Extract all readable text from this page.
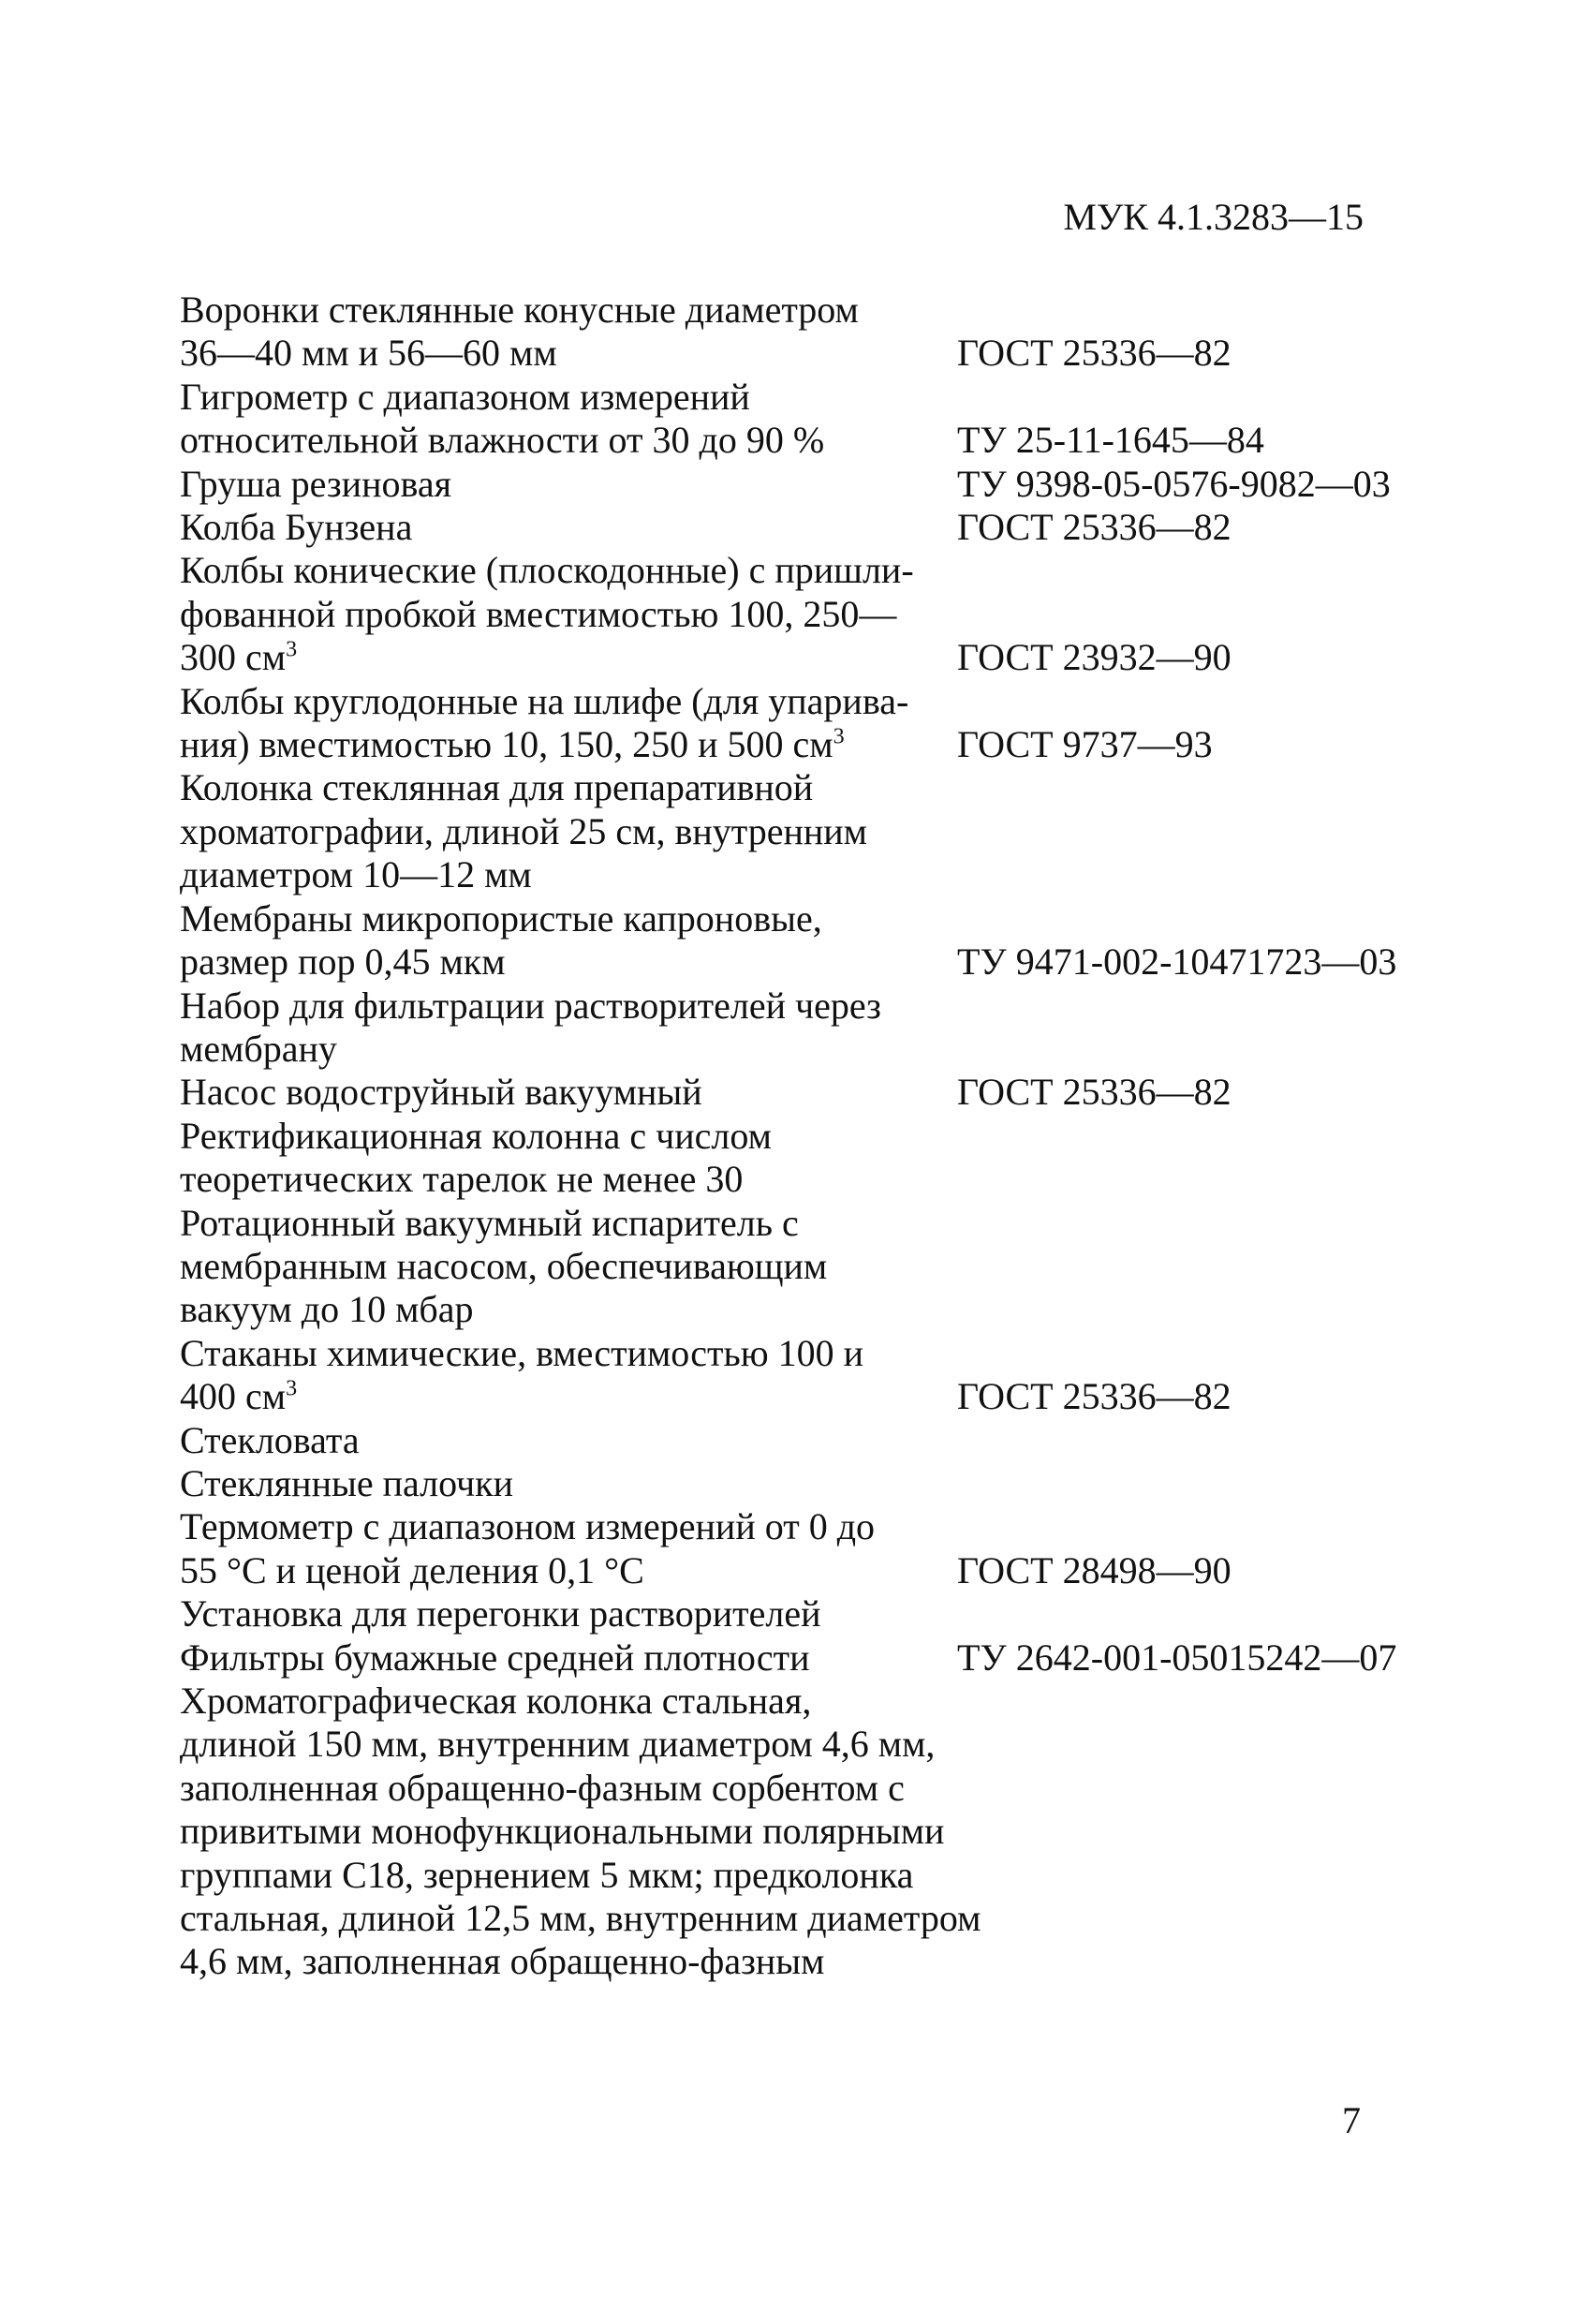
МУК 4.1.3283—15
Воронки стеклянные конусные диаметром
36—40 мм и 56—60 мм	ГОСТ 25336—82
Гигрометр с диапазоном измерений
относительной влажности от 30 до 90 %	ТУ 25-11-1645—84
Груша резиновая	ТУ 9398-05-0576-9082—03
Колба Бунзена	ГОСТ 25336—82
Колбы конические (плоскодонные) с пришли-
фованной пробкой вместимостью 100, 250—
300 $см^3$	ГОСТ 23932—90
Колбы круглодонные на шлифе (для упарива-
ния) вместимостью 10, 150, 250 и 500 $см^3$	ГОСТ 9737—93
Колонка стеклянная для препаративной
хроматографии, длиной 25 см, внутренним
диаметром 10—12 мм
Мембраны микропористые капроновые,
размер пор 0,45 мкм	ТУ 9471-002-10471723—03
Набор для фильтрации растворителей через
мембрану
Насос водоструйный вакуумный	ГОСТ 25336—82
Ректификационная колонна с числом
теоретических тарелок не менее 30
Ротационный вакуумный испаритель с
мембранным насосом, обеспечивающим
вакуум до 10 мбар
Стаканы химические, вместимостью 100 и
400 $см^3$	ГОСТ 25336—82
Стекловата
Стеклянные палочки
Термометр с диапазоном измерений от 0 до
55 °С и ценой деления 0,1 °С	ГОСТ 28498—90
Установка для перегонки растворителей
Фильтры бумажные средней плотности	ТУ 2642-001-05015242—07
Хроматографическая колонка стальная,
длиной 150 мм, внутренним диаметром 4,6 мм,
заполненная обращенно-фазным сорбентом с
привитыми монофункциональными полярными
группами С18, зернением 5 мкм; предколонка
стальная, длиной 12,5 мм, внутренним диаметром
4,6 мм, заполненная обращенно-фазным
7
